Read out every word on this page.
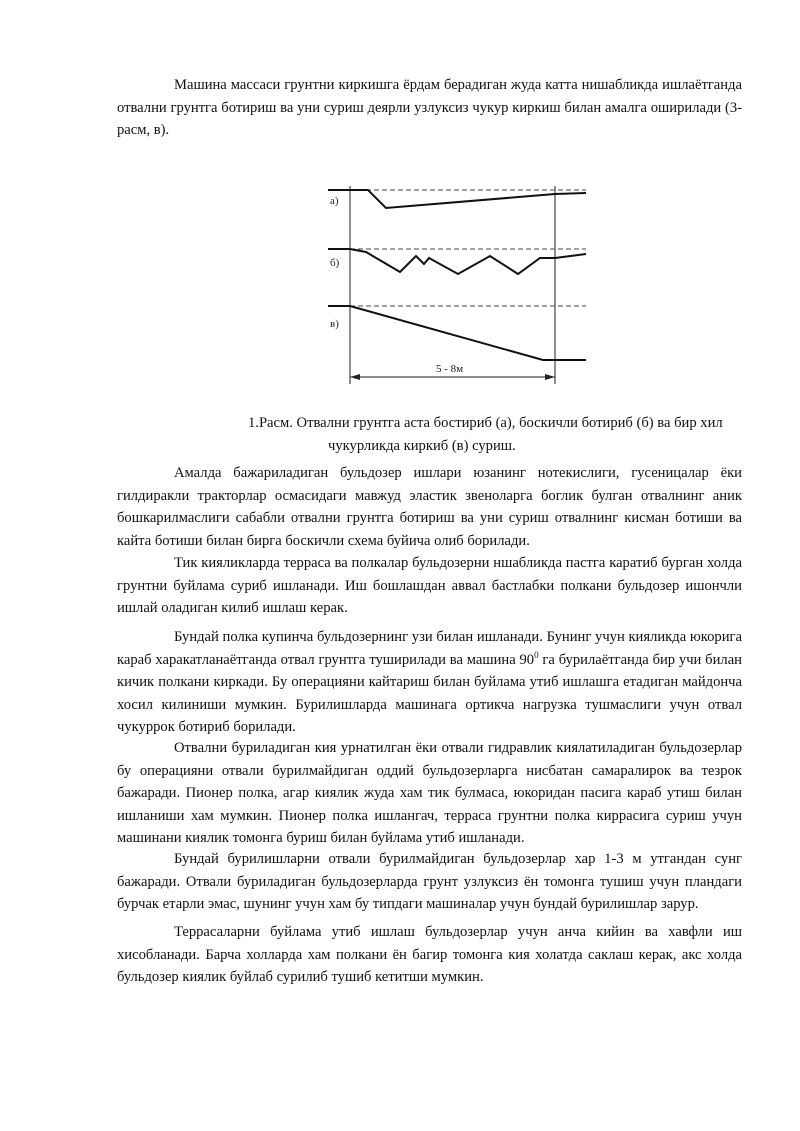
Машина массаси грунтни киркишга ёрдам берадиган жуда катта нишабликда ишлаётганда отвални грунтга ботириш ва уни суриш деярли узлуксиз чукур киркиш билан амалга оширилади (3-расм, в).

а)
б)
в)
5 - 8м

1.Расм. Отвални грунтга аста бостириб (а), боскичли ботириб (б) ва бир хил
чукурликда киркиб (в) суриш.

Амалда бажариладиган бульдозер ишлари юзанинг нотекислиги, гусеницалар ёки гилдиракли тракторлар осмасидаги мавжуд эластик звеноларга боглик булган отвалнинг аник бошкарилмаслиги сабабли отвални грунтга ботириш ва уни суриш отвалнинг кисман ботиши ва кайта ботиши билан бирга боскичли схема буйича олиб борилади.

Тик кияликларда терраса ва полкалар бульдозерни ншабликда пастга каратиб бурган холда грунтни буйлама суриб ишланади. Иш бошлашдан аввал бастлабки полкани бульдозер ишончли ишлай оладиган килиб ишлаш керак.

Бундай полка купинча бульдозернинг узи билан ишланади. Бунинг учун кияликда юкорига караб харакатланаётганда отвал грунтга туширилади ва машина $90^0$ га бурилаётганда бир учи билан кичик полкани киркади. Бу операцияни кайтариш билан буйлама утиб ишлашга етадиган майдонча хосил килиниши мумкин. Бурилишларда машинага ортикча нагрузка тушмаслиги учун отвал чукуррок ботириб борилади.

Отвални буриладиган кия урнатилган ёки отвали гидравлик киялатиладиган бульдозерлар бу операцияни отвали бурилмайдиган оддий бульдозерларга нисбатан самаралирок ва тезрок бажаради. Пионер полка, агар киялик жуда хам тик булмаса, юкоридан пасига караб утиш билан ишланиши хам мумкин. Пионер полка ишлангач, терраса грунтни полка киррасига суриш учун машинани киялик томонга буриш билан буйлама утиб ишланади.

Бундай бурилишларни отвали бурилмайдиган бульдозерлар хар 1-3 м утгандан сунг бажаради. Отвали буриладиган бульдозерларда грунт узлуксиз ён томонга тушиш учун пландаги бурчак етарли эмас, шунинг учун хам бу типдаги машиналар учун бундай бурилишлар зарур.

Террасаларни буйлама утиб ишлаш бульдозерлар учун анча кийин ва хавфли иш хисобланади. Барча холларда хам полкани ён багир томонга кия холатда саклаш керак, акс холда бульдозер киялик буйлаб сурилиб тушиб кетитши мумкин.
